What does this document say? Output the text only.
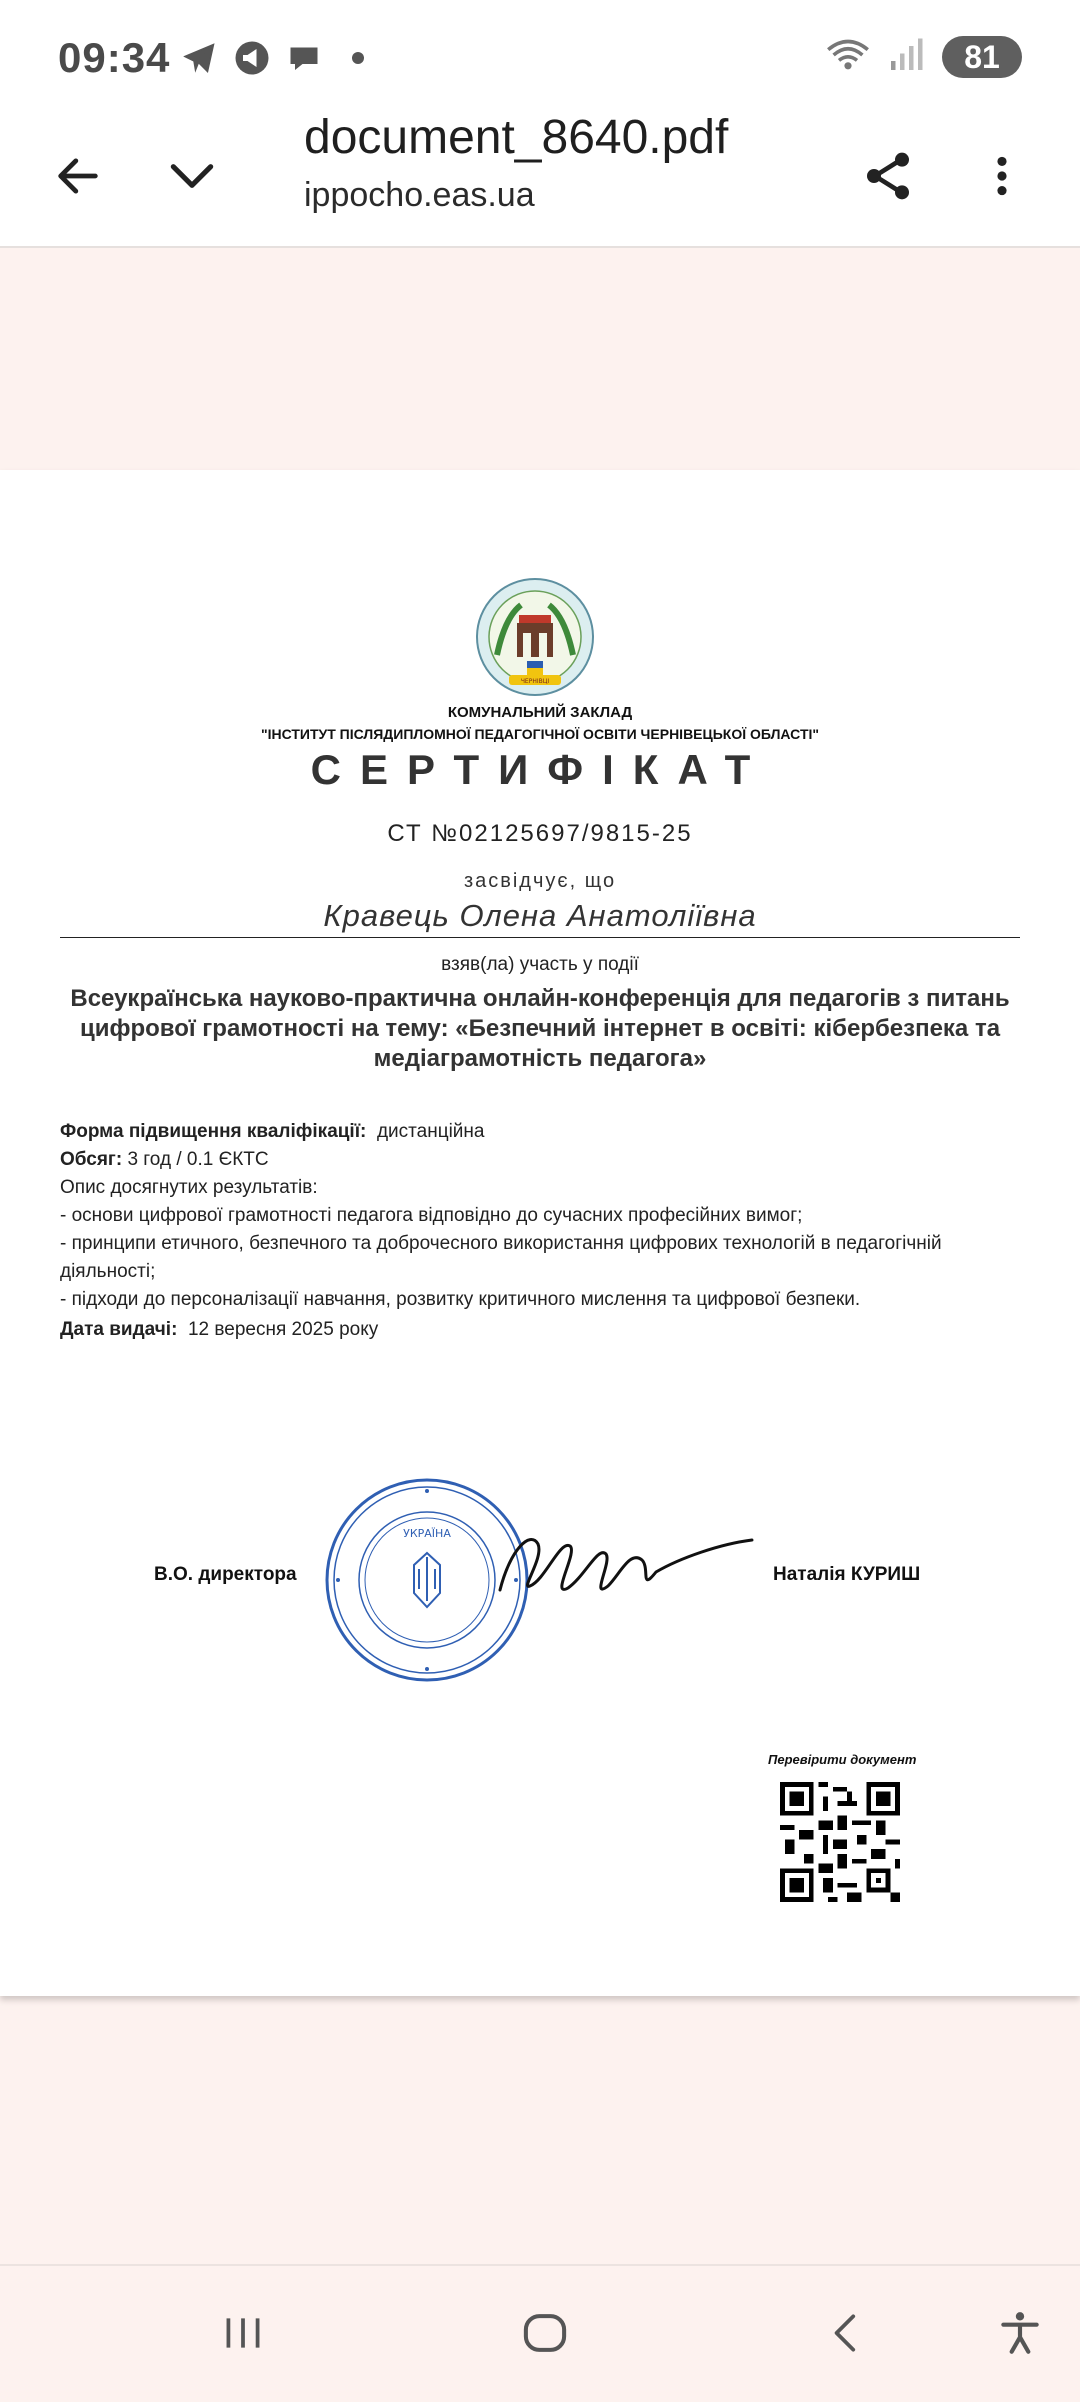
09:34	81
document_8640.pdf
ippocho.eas.ua
ЧЕРНІВЦІ
КОМУНАЛЬНИЙ ЗАКЛАД
"ІНСТИТУТ ПІСЛЯДИПЛОМНОЇ ПЕДАГОГІЧНОЇ ОСВІТИ ЧЕРНІВЕЦЬКОЇ ОБЛАСТІ"
СЕРТИФІКАТ
СТ №02125697/9815-25
засвідчує, що
Кравець Олена Анатоліївна
взяв(ла) участь у події
Всеукраїнська науково-практична онлайн-конференція для педагогів з питань цифрової грамотності на тему: «Безпечний інтернет в освіті: кібербезпека та медіаграмотність педагога»
Форма підвищення кваліфікації: дистанційна
Обсяг: 3 год / 0.1 ЄКТС
Опис досягнутих результатів:
- основи цифрової грамотності педагога відповідно до сучасних професійних вимог;
- принципи етичного, безпечного та доброчесного використання цифрових технологій в педагогічній діяльності;
- підходи до персоналізації навчання, розвитку критичного мислення та цифрової безпеки.
Дата видачі: 12 вересня 2025 року
В.О. директора
УКРАЇНА
Наталія КУРИШ
Перевірити документ
